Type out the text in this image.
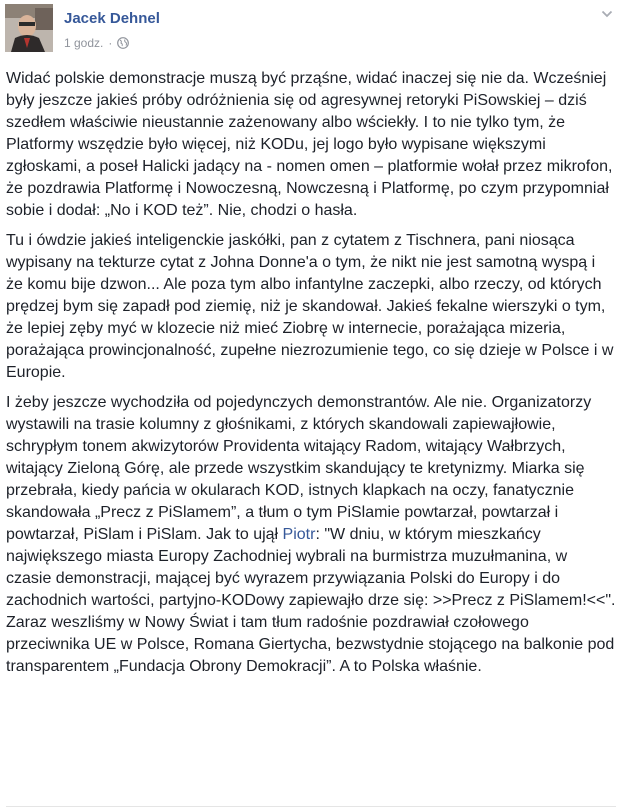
Jacek Dehnel
1 godz. ·

Widać polskie demonstracje muszą być prząśne, widać inaczej się nie da. Wcześniej były jeszcze jakieś próby odróżnienia się od agresywnej retoryki PiSowskiej – dziś szedłem właściwie nieustannie zażenowany albo wściekły. I to nie tylko tym, że Platformy wszędzie było więcej, niż KODu, jej logo było wypisane większymi zgłoskami, a poseł Halicki jadący na - nomen omen – platformie wołał przez mikrofon, że pozdrawia Platformę i Nowoczesną, Nowczesną i Platformę, po czym przypomniał sobie i dodał: „No i KOD też”. Nie, chodzi o hasła.

Tu i ówdzie jakieś inteligenckie jaskółki, pan z cytatem z Tischnera, pani niosąca wypisany na tekturze cytat z Johna Donne'a o tym, że nikt nie jest samotną wyspą i że komu bije dzwon... Ale poza tym albo infantylne zaczepki, albo rzeczy, od których prędzej bym się zapadł pod ziemię, niż je skandował. Jakieś fekalne wierszyki o tym, że lepiej zęby myć w klozecie niż mieć Ziobrę w internecie, porażająca mizeria, porażająca prowincjonalność, zupełne niezrozumienie tego, co się dzieje w Polsce i w Europie.

I żeby jeszcze wychodziła od pojedynczych demonstrantów. Ale nie. Organizatorzy wystawili na trasie kolumny z głośnikami, z których skandowali zapiewajłowie, schrypłym tonem akwizytorów Providenta witający Radom, witający Wałbrzych, witający Zieloną Górę, ale przede wszystkim skandujący te kretynizmy. Miarka się przebrała, kiedy pańcia w okularach KOD, istnych klapkach na oczy, fanatycznie skandowała „Precz z PiSlamem”, a tłum o tym PiSlamie powtarzał, powtarzał i powtarzał, PiSlam i PiSlam. Jak to ujął Piotr: "W dniu, w którym mieszkańcy największego miasta Europy Zachodniej wybrali na burmistrza muzułmanina, w czasie demonstracji, mającej być wyrazem przywiązania Polski do Europy i do zachodnich wartości, partyjno-KODowy zapiewajło drze się: >>Precz z PiSlamem!<<". Zaraz weszliśmy w Nowy Świat i tam tłum radośnie pozdrawiał czołowego przeciwnika UE w Polsce, Romana Giertycha, bezwstydnie stojącego na balkonie pod transparentem „Fundacja Obrony Demokracji”. A to Polska właśnie.
